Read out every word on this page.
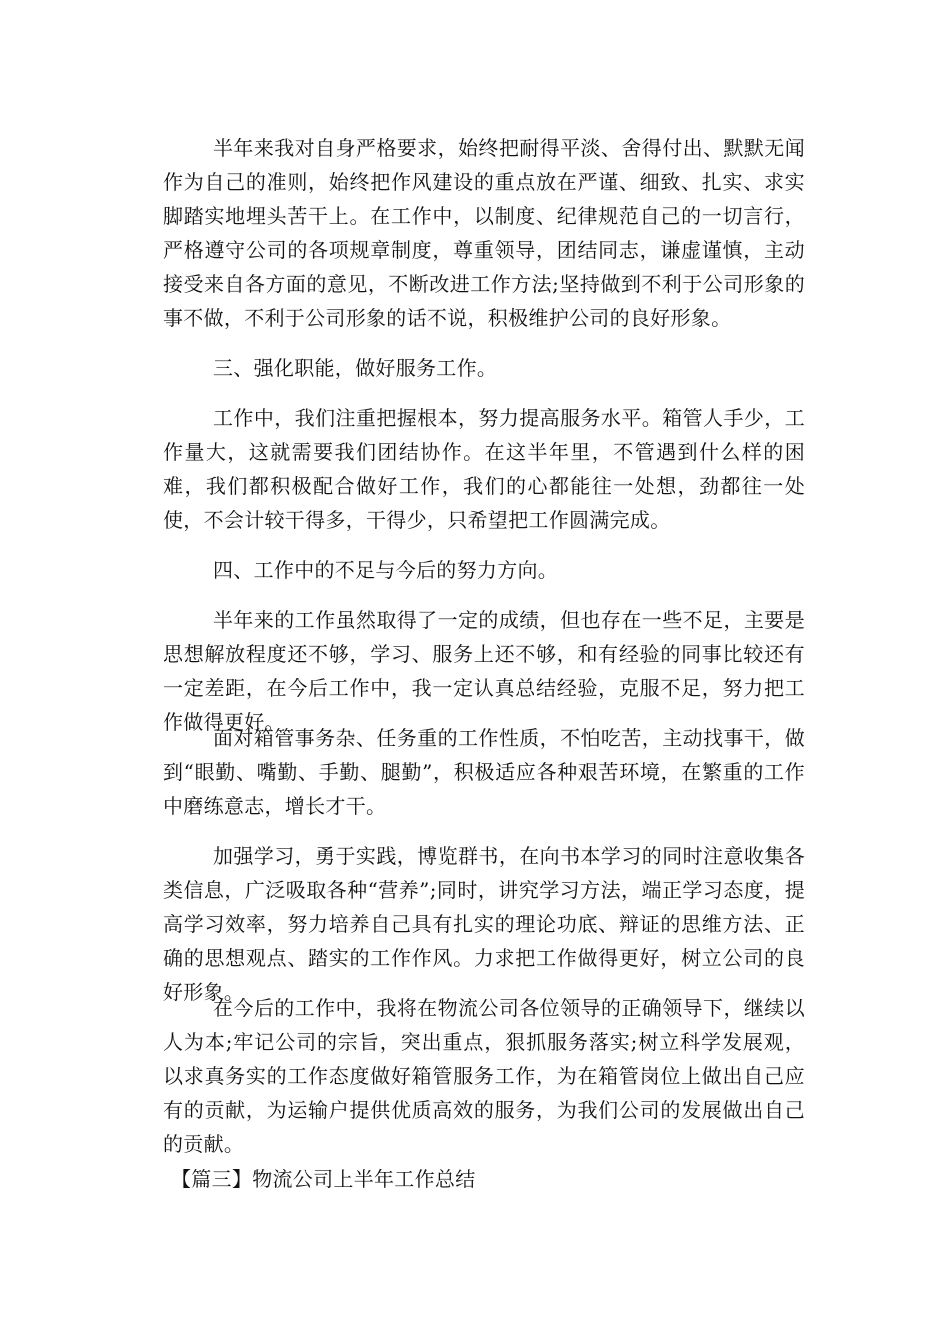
半年来我对自身严格要求，始终把耐得平淡、舍得付出、默默无闻作为自己的准则，始终把作风建设的重点放在严谨、细致、扎实、求实脚踏实地埋头苦干上。在工作中，以制度、纪律规范自己的一切言行，严格遵守公司的各项规章制度，尊重领导，团结同志，谦虚谨慎，主动接受来自各方面的意见，不断改进工作方法;坚持做到不利于公司形象的事不做，不利于公司形象的话不说，积极维护公司的良好形象。

三、强化职能，做好服务工作。

工作中，我们注重把握根本，努力提高服务水平。箱管人手少，工作量大，这就需要我们团结协作。在这半年里，不管遇到什么样的困难，我们都积极配合做好工作，我们的心都能往一处想，劲都往一处使，不会计较干得多，干得少，只希望把工作圆满完成。

四、工作中的不足与今后的努力方向。

半年来的工作虽然取得了一定的成绩，但也存在一些不足，主要是思想解放程度还不够，学习、服务上还不够，和有经验的同事比较还有一定差距，在今后工作中，我一定认真总结经验，克服不足，努力把工作做得更好。

面对箱管事务杂、任务重的工作性质，不怕吃苦，主动找事干，做到“眼勤、嘴勤、手勤、腿勤”，积极适应各种艰苦环境，在繁重的工作中磨练意志，增长才干。

加强学习，勇于实践，博览群书，在向书本学习的同时注意收集各类信息，广泛吸取各种“营养”;同时，讲究学习方法，端正学习态度，提高学习效率，努力培养自己具有扎实的理论功底、辩证的思维方法、正确的思想观点、踏实的工作作风。力求把工作做得更好，树立公司的良好形象。

在今后的工作中，我将在物流公司各位领导的正确领导下，继续以人为本;牢记公司的宗旨，突出重点，狠抓服务落实;树立科学发展观，以求真务实的工作态度做好箱管服务工作，为在箱管岗位上做出自己应有的贡献，为运输户提供优质高效的服务，为我们公司的发展做出自己的贡献。

【篇三】物流公司上半年工作总结
